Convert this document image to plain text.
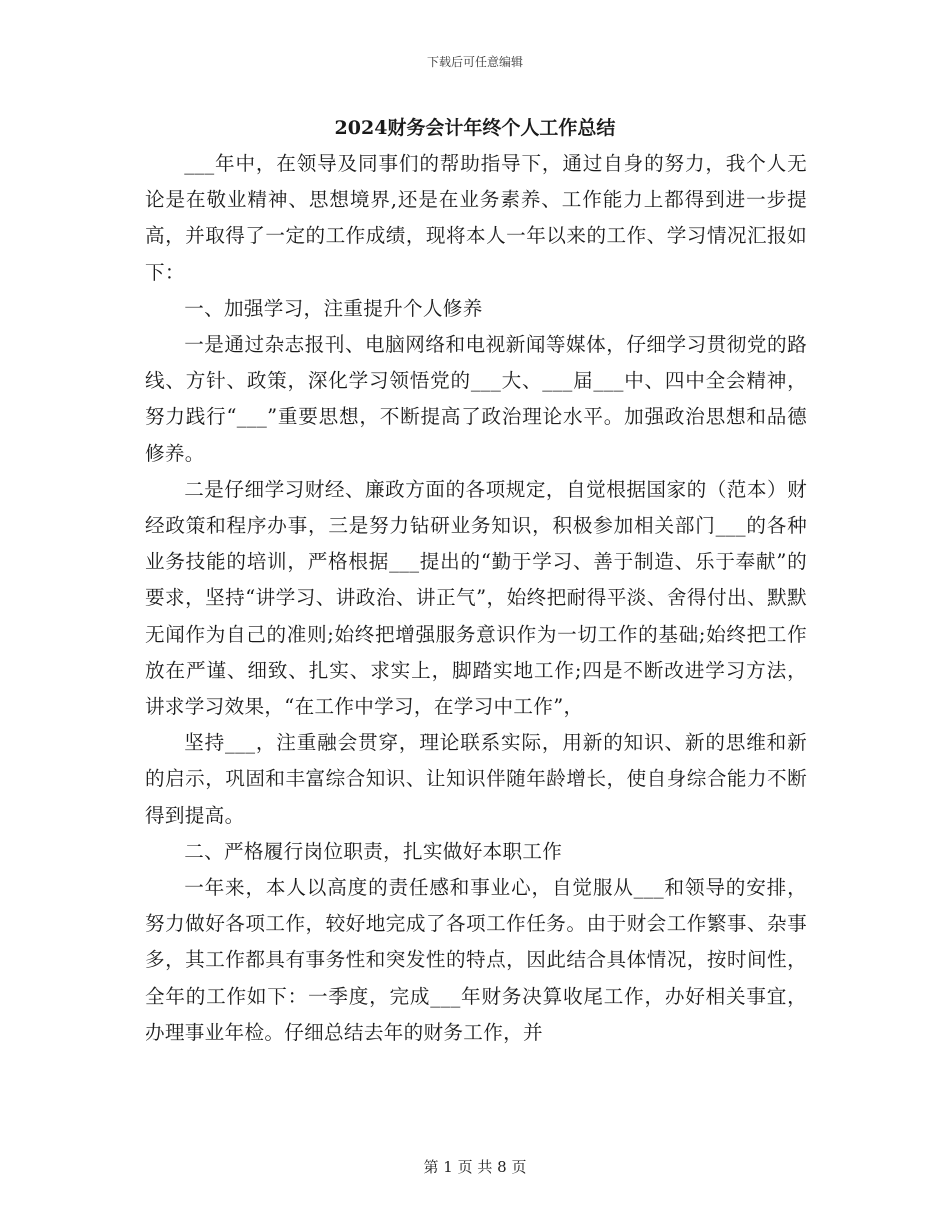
下载后可任意编辑
2024财务会计年终个人工作总结

___年中，在领导及同事们的帮助指导下，通过自身的努力，我个人无论是在敬业精神、思想境界,还是在业务素养、工作能力上都得到进一步提高，并取得了一定的工作成绩，现将本人一年以来的工作、学习情况汇报如下：

一、加强学习，注重提升个人修养

一是通过杂志报刊、电脑网络和电视新闻等媒体，仔细学习贯彻党的路线、方针、政策，深化学习领悟党的___大、___届___中、四中全会精神，努力践行“___”重要思想，不断提高了政治理论水平。加强政治思想和品德修养。

二是仔细学习财经、廉政方面的各项规定，自觉根据国家的（范本）财经政策和程序办事，三是努力钻研业务知识，积极参加相关部门___的各种业务技能的培训，严格根据___提出的“勤于学习、善于制造、乐于奉献”的要求，坚持“讲学习、讲政治、讲正气”，始终把耐得平淡、舍得付出、默默无闻作为自己的准则;始终把增强服务意识作为一切工作的基础;始终把工作放在严谨、细致、扎实、求实上，脚踏实地工作;四是不断改进学习方法，讲求学习效果，“在工作中学习，在学习中工作”，

坚持___，注重融会贯穿，理论联系实际，用新的知识、新的思维和新的启示，巩固和丰富综合知识、让知识伴随年龄增长，使自身综合能力不断得到提高。

二、严格履行岗位职责，扎实做好本职工作

一年来，本人以高度的责任感和事业心，自觉服从___和领导的安排，努力做好各项工作，较好地完成了各项工作任务。由于财会工作繁事、杂事多，其工作都具有事务性和突发性的特点，因此结合具体情况，按时间性，全年的工作如下：一季度，完成___年财务决算收尾工作，办好相关事宜，办理事业年检。仔细总结去年的财务工作，并

第 1 页 共 8 页
